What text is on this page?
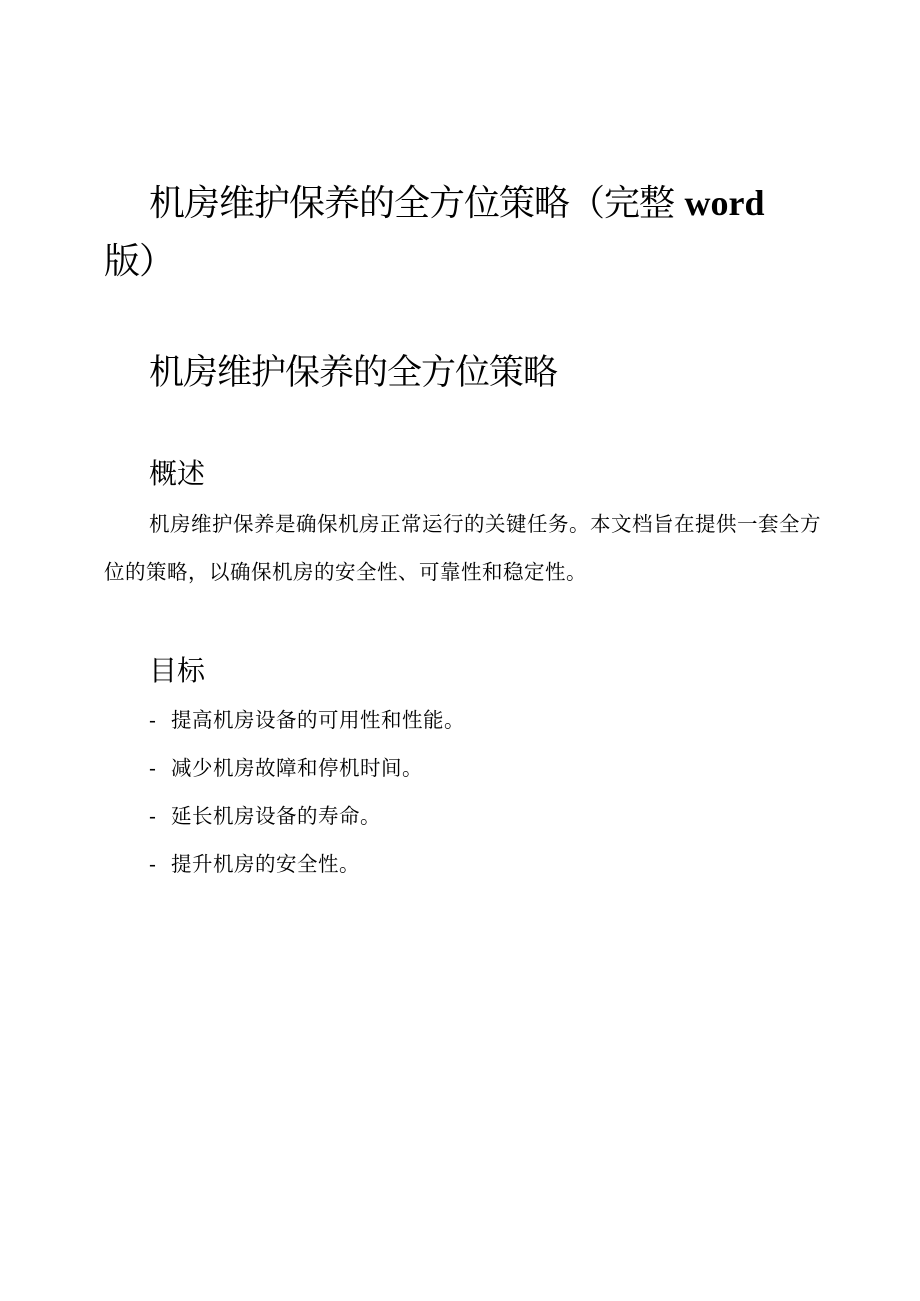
机房维护保养的全方位策略（完整 word
版）
机房维护保养的全方位策略
概述

机房维护保养是确保机房正常运行的关键任务。本文档旨在提供一套全方位的策略，以确保机房的安全性、可靠性和稳定性。

目标
- 提高机房设备的可用性和性能。
- 减少机房故障和停机时间。
- 延长机房设备的寿命。
- 提升机房的安全性。
